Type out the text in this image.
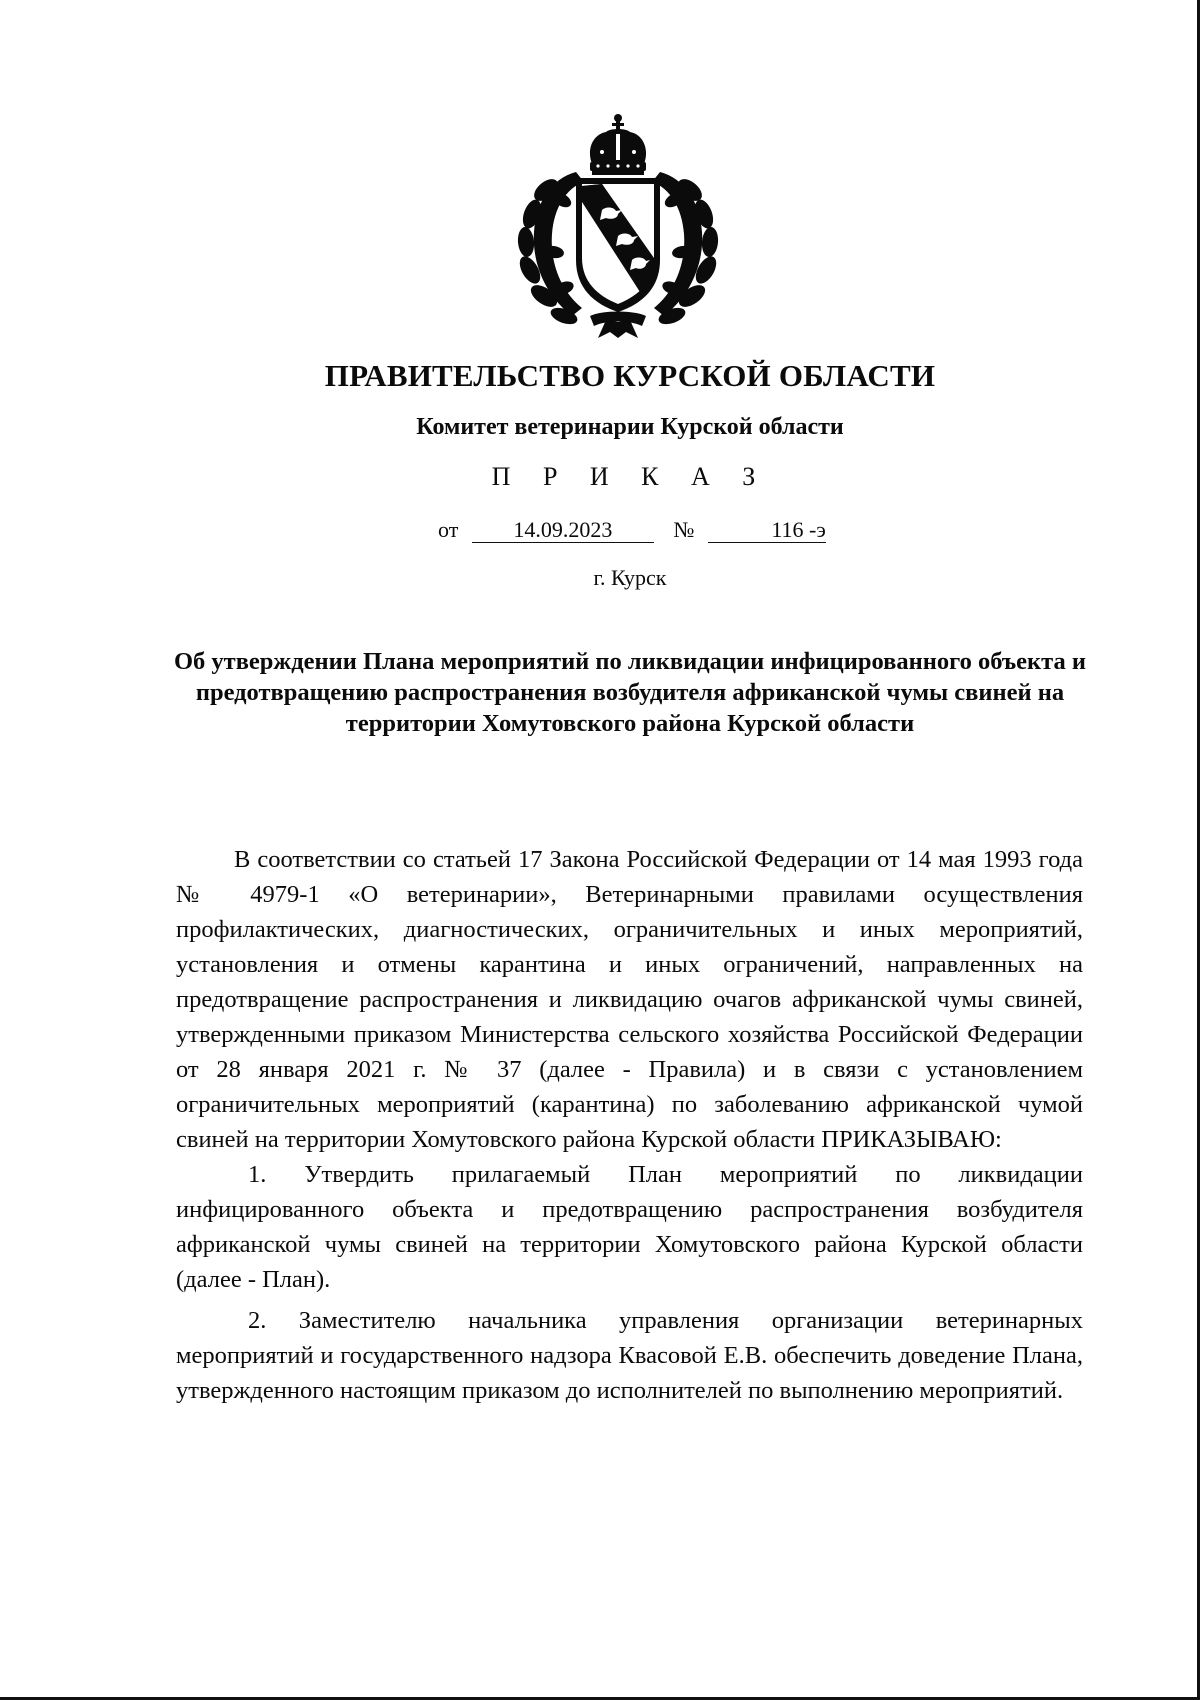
ПРАВИТЕЛЬСТВО КУРСКОЙ ОБЛАСТИ
Комитет ветеринарии Курской области
П Р И К А З
от	14.09.2023	№	116 -э
г. Курск
Об утверждении Плана мероприятий по ликвидации инфицированного объекта и предотвращению распространения возбудителя африканской чумы свиней на территории Хомутовского района Курской области

В соответствии со статьей 17 Закона Российской Федерации от 14 мая 1993 года № 4979-1 «О ветеринарии», Ветеринарными правилами осуществления профилактических, диагностических, ограничительных и иных мероприятий, установления и отмены карантина и иных ограничений, направленных на предотвращение распространения и ликвидацию очагов африканской чумы свиней, утвержденными приказом Министерства сельского хозяйства Российской Федерации от 28 января 2021 г. № 37 (далее - Правила) и в связи с установлением ограничительных мероприятий (карантина) по заболеванию африканской чумой свиней на территории Хомутовского района Курской области ПРИКАЗЫВАЮ:

1. Утвердить прилагаемый План мероприятий по ликвидации инфицированного объекта и предотвращению распространения возбудителя африканской чумы свиней на территории Хомутовского района Курской области (далее - План).

2. Заместителю начальника управления организации ветеринарных мероприятий и государственного надзора Квасовой Е.В. обеспечить доведение Плана, утвержденного настоящим приказом до исполнителей по выполнению мероприятий.
